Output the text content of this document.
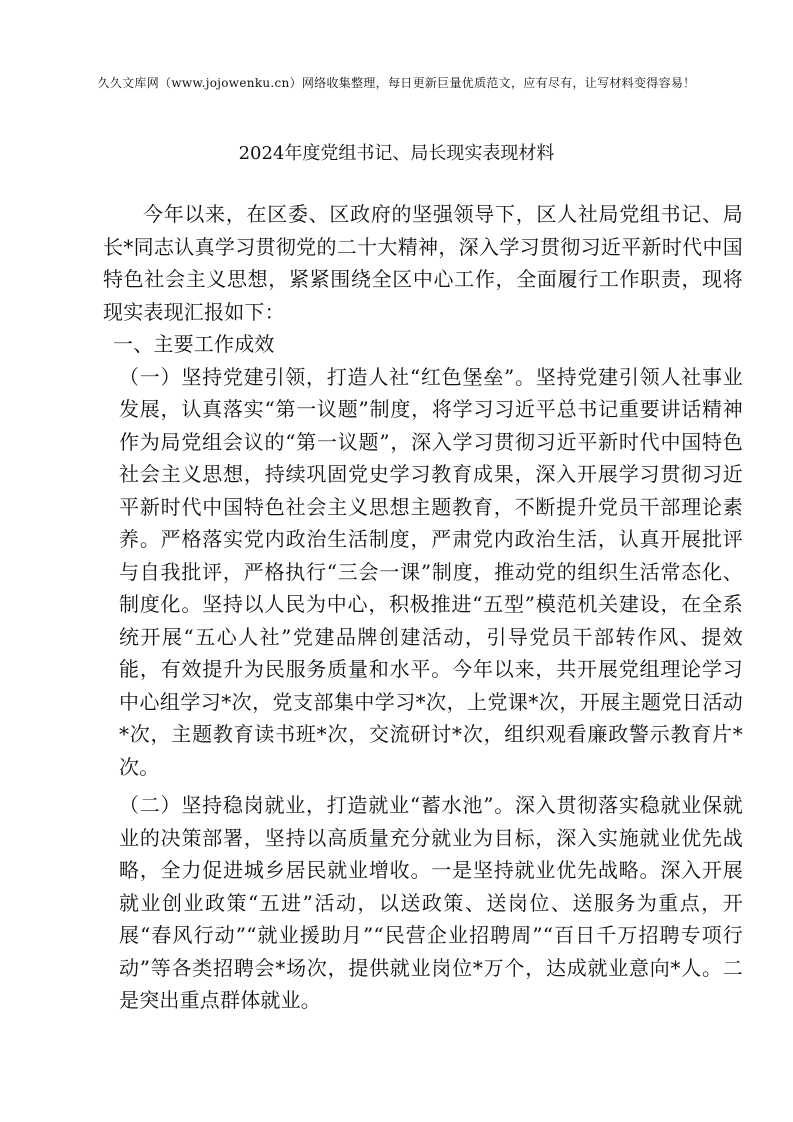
久久文库网（www.jojowenku.cn）网络收集整理，每日更新巨量优质范文，应有尽有，让写材料变得容易！
2024年度党组书记、局长现实表现材料

今年以来，在区委、区政府的坚强领导下，区人社局党组书记、局长*同志认真学习贯彻党的二十大精神，深入学习贯彻习近平新时代中国特色社会主义思想，紧紧围绕全区中心工作，全面履行工作职责，现将现实表现汇报如下：

一、主要工作成效

（一）坚持党建引领，打造人社“红色堡垒”。坚持党建引领人社事业发展，认真落实“第一议题”制度，将学习习近平总书记重要讲话精神作为局党组会议的“第一议题”，深入学习贯彻习近平新时代中国特色社会主义思想，持续巩固党史学习教育成果，深入开展学习贯彻习近平新时代中国特色社会主义思想主题教育，不断提升党员干部理论素养。严格落实党内政治生活制度，严肃党内政治生活，认真开展批评与自我批评，严格执行“三会一课”制度，推动党的组织生活常态化、制度化。坚持以人民为中心，积极推进“五型”模范机关建设，在全系统开展“五心人社”党建品牌创建活动，引导党员干部转作风、提效能，有效提升为民服务质量和水平。今年以来，共开展党组理论学习中心组学习*次，党支部集中学习*次，上党课*次，开展主题党日活动*次，主题教育读书班*次，交流研讨*次，组织观看廉政警示教育片*次。

（二）坚持稳岗就业，打造就业“蓄水池”。深入贯彻落实稳就业保就业的决策部署，坚持以高质量充分就业为目标，深入实施就业优先战略，全力促进城乡居民就业增收。一是坚持就业优先战略。深入开展就业创业政策“五进”活动，以送政策、送岗位、送服务为重点，开展“春风行动”“就业援助月”“民营企业招聘周”“百日千万招聘专项行动”等各类招聘会*场次，提供就业岗位*万个，达成就业意向*人。二是突出重点群体就业。
